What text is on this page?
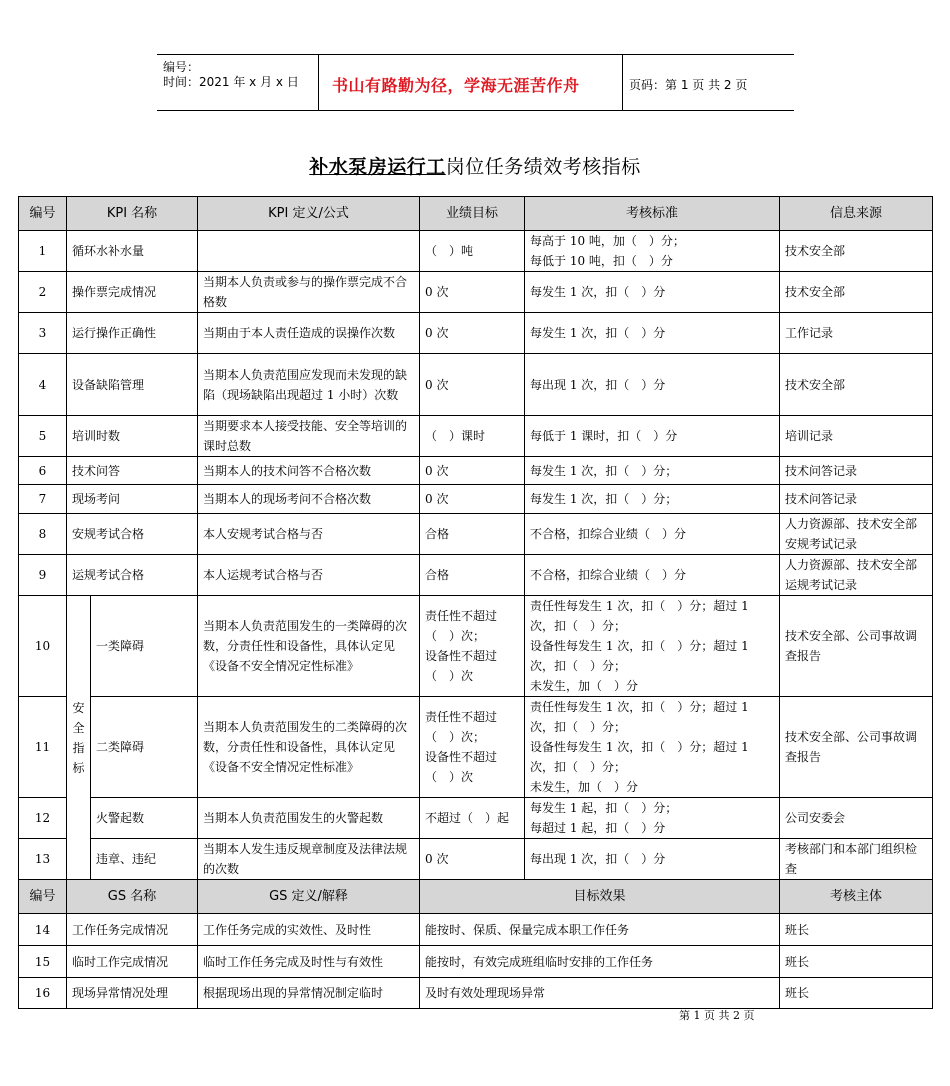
编号：
时间：2021 年 x 月 x 日 书山有路勤为径，学海无涯苦作舟	页码：第 1 页 共 2 页
补水泵房运行工岗位任务绩效考核指标
编号	KPI 名称		KPI 定义/公式	业绩目标	考核标准	信息来源
1	循环水补水量			（　）吨	每高于 10 吨，加（　）分；
每低于 10 吨，扣（　）分	技术安全部
2	操作票完成情况		当期本人负责或参与的操作票完成不合格数	0 次	每发生 1 次，扣（　）分	技术安全部
3	运行操作正确性		当期由于本人责任造成的误操作次数	0 次	每发生 1 次，扣（　）分	工作记录
4	设备缺陷管理		当期本人负责范围应发现而未发现的缺陷（现场缺陷出现超过 1 小时）次数	0 次	每出现 1 次，扣（　）分	技术安全部
5	培训时数		当期要求本人接受技能、安全等培训的课时总数	（　）课时	每低于 1 课时，扣（　）分	培训记录
6	技术问答		当期本人的技术问答不合格次数	0 次	每发生 1 次，扣（　）分；	技术问答记录
7	现场考问		当期本人的现场考问不合格次数	0 次	每发生 1 次，扣（　）分；	技术问答记录
8	安规考试合格		本人安规考试合格与否	合格	不合格，扣综合业绩（　）分	人力资源部、技术安全部安规考试记录
9	运规考试合格		本人运规考试合格与否	合格	不合格，扣综合业绩（　）分	人力资源部、技术安全部运规考试记录
10	安全指标	一类障碍	当期本人负责范围发生的一类障碍的次数，分责任性和设备性，具体认定见《设备不安全情况定性标准》	责任性不超过（　）次；
设备性不超过（　）次	责任性每发生 1 次，扣（　）分；超过 1 次，扣（　）分；
设备性每发生 1 次，扣（　）分；超过 1 次，扣（　）分；
未发生，加（　）分	技术安全部、公司事故调查报告
11		二类障碍	当期本人负责范围发生的二类障碍的次数，分责任性和设备性，具体认定见《设备不安全情况定性标准》	责任性不超过（　）次；
设备性不超过（　）次	责任性每发生 1 次，扣（　）分；超过 1 次，扣（　）分；
设备性每发生 1 次，扣（　）分；超过 1 次，扣（　）分；
未发生，加（　）分	技术安全部、公司事故调查报告
12		火警起数	当期本人负责范围发生的火警起数	不超过（　）起	每发生 1 起，扣（　）分；
每超过 1 起，扣（　）分	公司安委会
13		违章、违纪	当期本人发生违反规章制度及法律法规的次数	0 次	每出现 1 次，扣（　）分	考核部门和本部门组织检查
编号	GS 名称		GS 定义/解释	目标效果		考核主体
14	工作任务完成情况		工作任务完成的实效性、及时性	能按时、保质、保量完成本职工作任务		班长
15	临时工作完成情况		临时工作任务完成及时性与有效性	能按时，有效完成班组临时安排的工作任务		班长
16	现场异常情况处理		根据现场出现的异常情况制定临时	及时有效处理现场异常		班长
第 1 页 共 2 页
